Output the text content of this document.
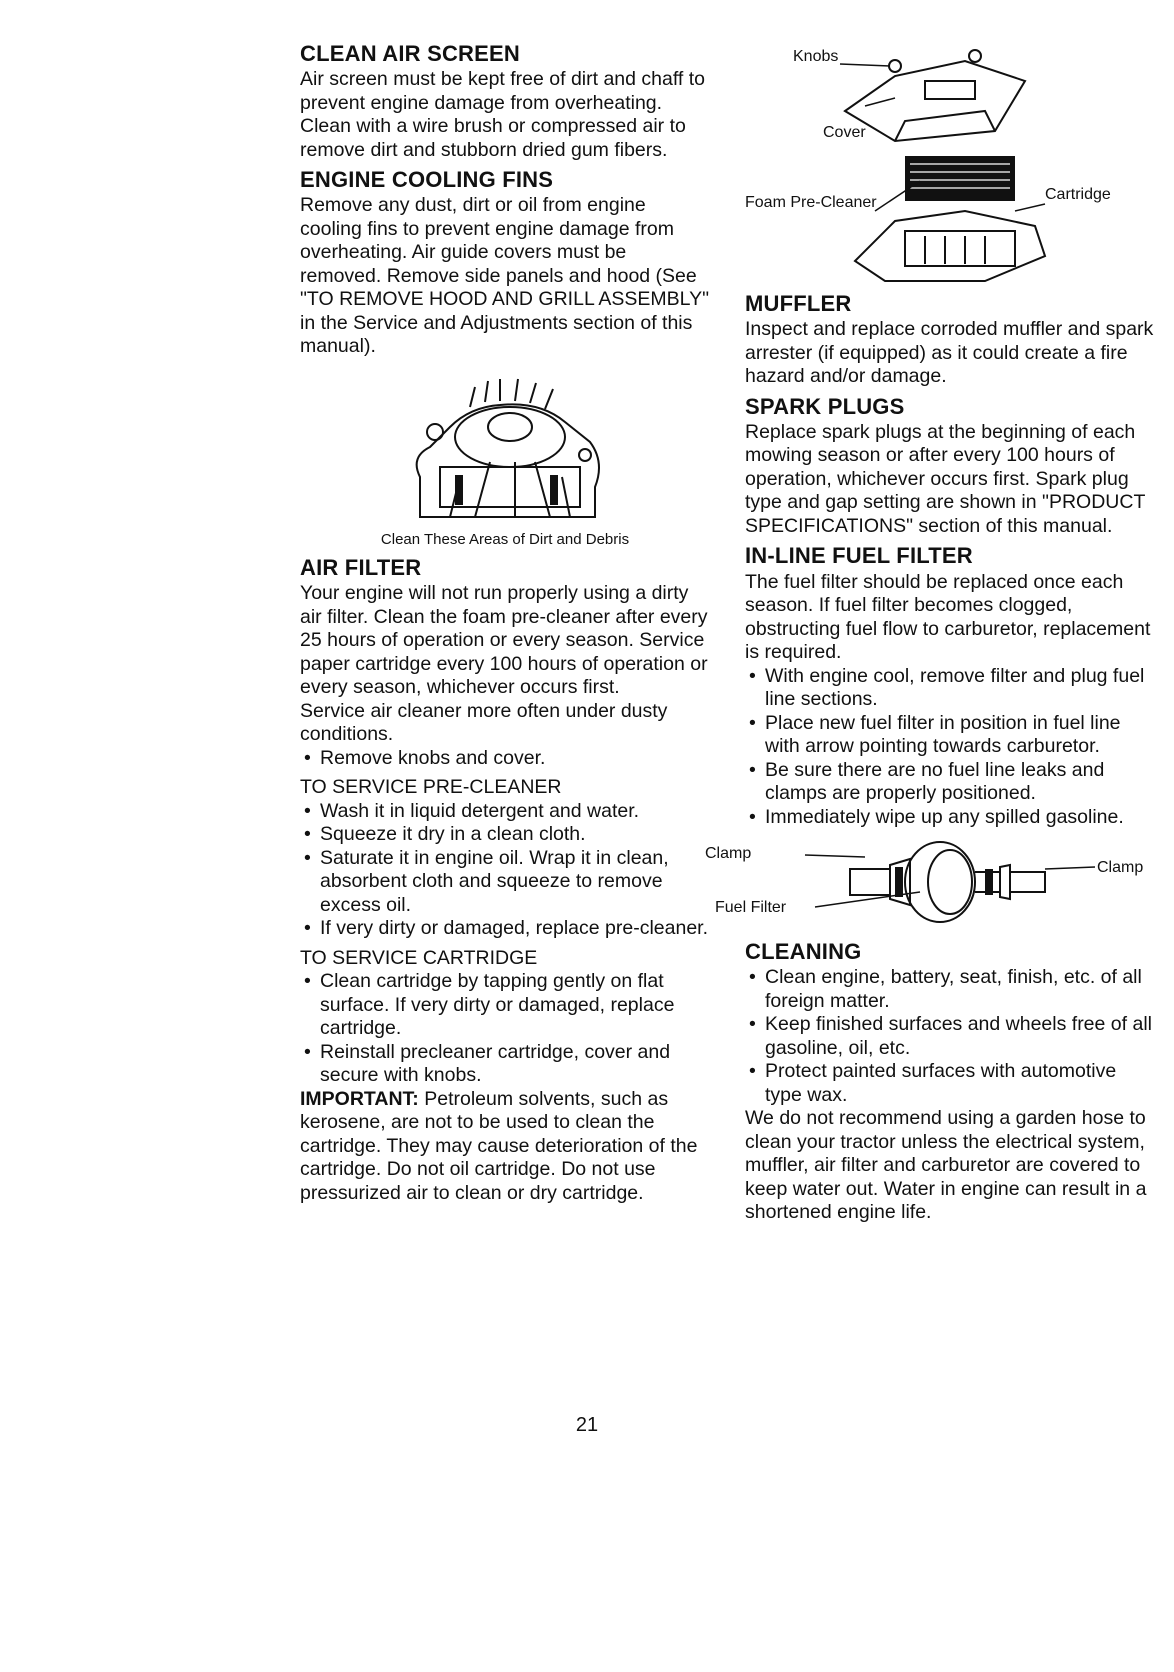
CLEAN AIR SCREEN

Air screen must be kept free of dirt and chaff to prevent engine damage from overheating. Clean with a wire brush or compressed air to remove dirt and stubborn dried gum fibers.

ENGINE COOLING FINS

Remove any dust, dirt or oil from engine cooling fins to prevent engine damage from overheating. Air guide covers must be removed. Remove side panels and hood (See "TO REMOVE HOOD AND GRILL ASSEMBLY" in the Service and Adjustments section of this manual).

Clean These Areas of Dirt and Debris
AIR FILTER

Your engine will not run properly using a dirty air filter. Clean the foam pre-cleaner after every 25 hours of operation or every season. Service paper cartridge every 100 hours of operation or every season, whichever occurs first.

Service air cleaner more often under dusty conditions.

• Remove knobs and cover.

TO SERVICE PRE-CLEANER

• Wash it in liquid detergent and water.
• Squeeze it dry in a clean cloth.
• Saturate it in engine oil. Wrap it in clean, absorbent cloth and squeeze to remove excess oil.
• If very dirty or damaged, replace pre-cleaner.

TO SERVICE CARTRIDGE

• Clean cartridge by tapping gently on flat surface. If very dirty or damaged, replace cartridge.
• Reinstall precleaner cartridge, cover and secure with knobs.

IMPORTANT: Petroleum solvents, such as kerosene, are not to be used to clean the cartridge. They may cause deterioration of the cartridge. Do not oil cartridge. Do not use pressurized air to clean or dry cartridge.

Knobs
Cover
Foam Pre-Cleaner	Cartridge
MUFFLER

Inspect and replace corroded muffler and spark arrester (if equipped) as it could create a fire hazard and/or damage.

SPARK PLUGS

Replace spark plugs at the beginning of each mowing season or after every 100 hours of operation, whichever occurs first. Spark plug type and gap setting are shown in "PRODUCT SPECIFICATIONS" section of this manual.

IN-LINE FUEL FILTER

The fuel filter should be replaced once each season. If fuel filter becomes clogged, obstructing fuel flow to carburetor, replacement is required.

• With engine cool, remove filter and plug fuel line sections.
• Place new fuel filter in position in fuel line with arrow pointing towards carburetor.
• Be sure there are no fuel line leaks and clamps are properly positioned.
• Immediately wipe up any spilled gasoline.
Clamp
Clamp
Fuel Filter
CLEANING
• Clean engine, battery, seat, finish, etc. of all foreign matter.
• Keep finished surfaces and wheels free of all gasoline, oil, etc.
• Protect painted surfaces with automotive type wax.

We do not recommend using a garden hose to clean your tractor unless the electrical system, muffler, air filter and carburetor are covered to keep water out. Water in engine can result in a shortened engine life.

21
